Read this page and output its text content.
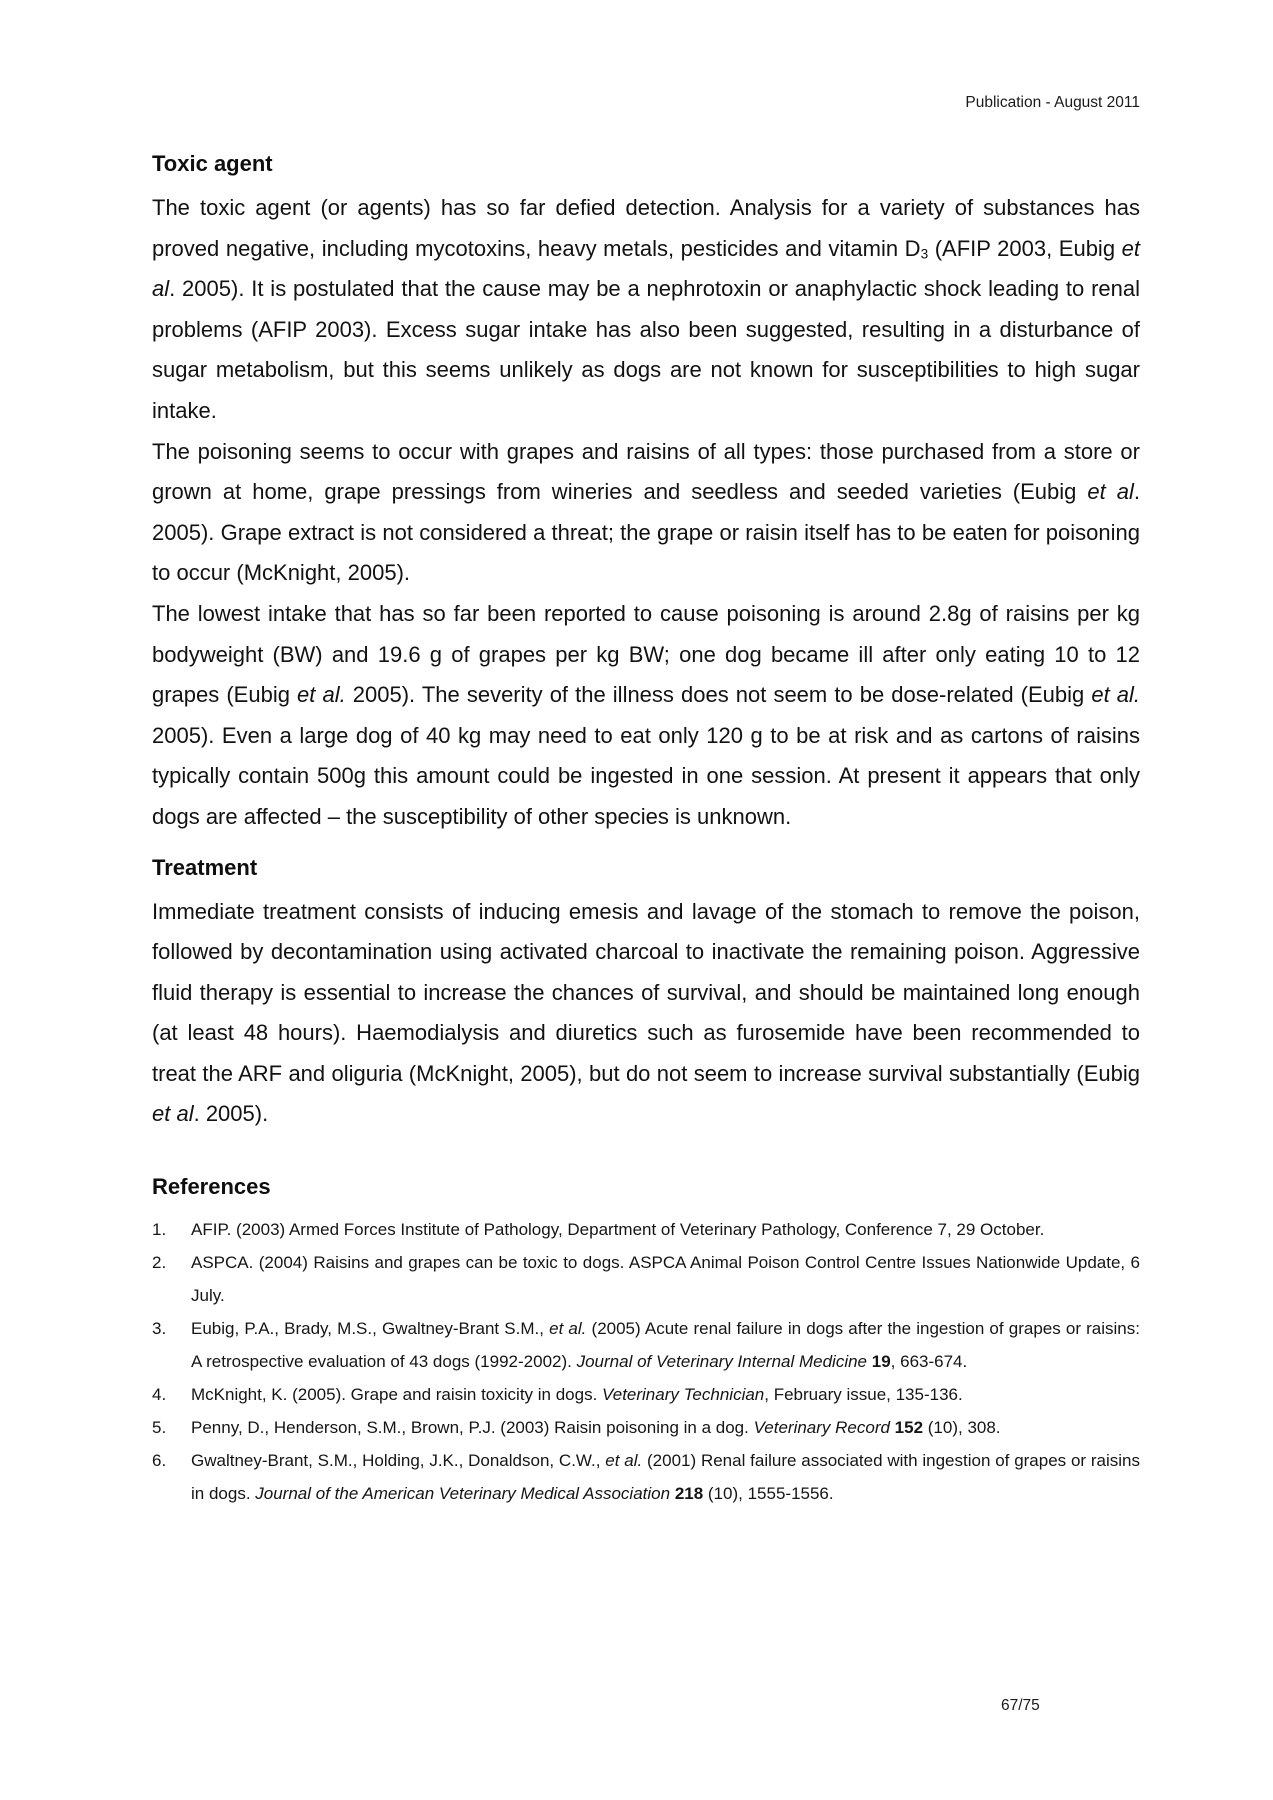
Publication - August 2011
Toxic agent

The toxic agent (or agents) has so far defied detection. Analysis for a variety of substances has proved negative, including mycotoxins, heavy metals, pesticides and vitamin $D_3$ (AFIP 2003, Eubig et al. 2005). It is postulated that the cause may be a nephrotoxin or anaphylactic shock leading to renal problems (AFIP 2003). Excess sugar intake has also been suggested, resulting in a disturbance of sugar metabolism, but this seems unlikely as dogs are not known for susceptibilities to high sugar intake.

The poisoning seems to occur with grapes and raisins of all types: those purchased from a store or grown at home, grape pressings from wineries and seedless and seeded varieties (Eubig et al. 2005). Grape extract is not considered a threat; the grape or raisin itself has to be eaten for poisoning to occur (McKnight, 2005).

The lowest intake that has so far been reported to cause poisoning is around 2.8g of raisins per kg bodyweight (BW) and 19.6 g of grapes per kg BW; one dog became ill after only eating 10 to 12 grapes (Eubig et al. 2005). The severity of the illness does not seem to be dose-related (Eubig et al. 2005). Even a large dog of 40 kg may need to eat only 120 g to be at risk and as cartons of raisins typically contain 500g this amount could be ingested in one session. At present it appears that only dogs are affected – the susceptibility of other species is unknown.

Treatment

Immediate treatment consists of inducing emesis and lavage of the stomach to remove the poison, followed by decontamination using activated charcoal to inactivate the remaining poison. Aggressive fluid therapy is essential to increase the chances of survival, and should be maintained long enough (at least 48 hours). Haemodialysis and diuretics such as furosemide have been recommended to treat the ARF and oliguria (McKnight, 2005), but do not seem to increase survival substantially (Eubig et al. 2005).

References
1. AFIP. (2003) Armed Forces Institute of Pathology, Department of Veterinary Pathology, Conference 7, 29 October.
2. ASPCA. (2004) Raisins and grapes can be toxic to dogs. ASPCA Animal Poison Control Centre Issues Nationwide Update, 6 July.
3. Eubig, P.A., Brady, M.S., Gwaltney-Brant S.M., et al. (2005) Acute renal failure in dogs after the ingestion of grapes or raisins: A retrospective evaluation of 43 dogs (1992-2002). Journal of Veterinary Internal Medicine 19, 663-674.
4. McKnight, K. (2005). Grape and raisin toxicity in dogs. Veterinary Technician, February issue, 135-136.
5. Penny, D., Henderson, S.M., Brown, P.J. (2003) Raisin poisoning in a dog. Veterinary Record 152 (10), 308.
6. Gwaltney-Brant, S.M., Holding, J.K., Donaldson, C.W., et al. (2001) Renal failure associated with ingestion of grapes or raisins in dogs. Journal of the American Veterinary Medical Association 218 (10), 1555-1556.
67/75
